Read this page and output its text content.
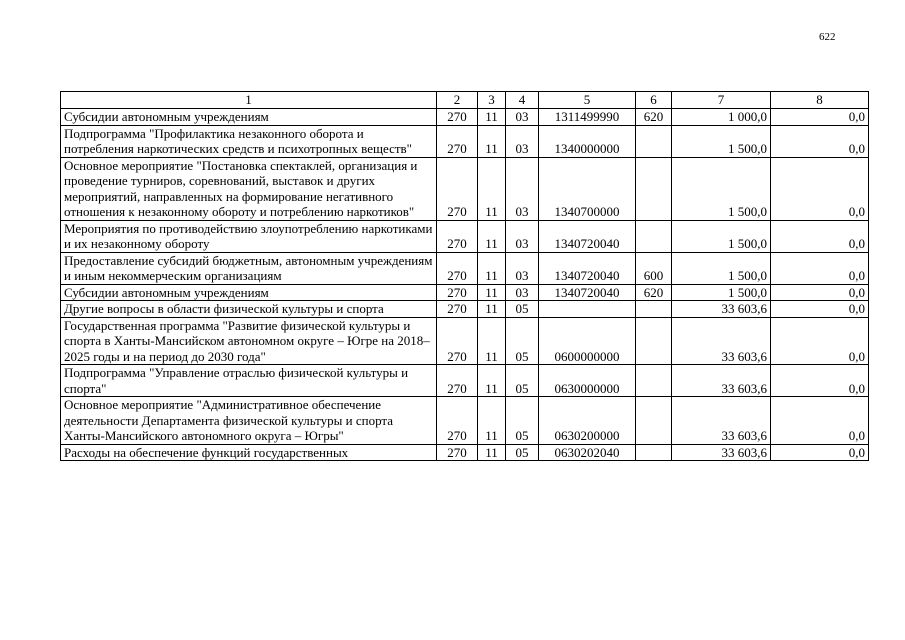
622
1	2	3	4	5	6	7	8
Субсидии автономным учреждениям	270	11	03	1311499990	620	1 000,0	0,0
Подпрограмма "Профилактика незаконного оборота и потребления наркотических средств и психотропных веществ"	270	11	03	1340000000		1 500,0	0,0
Основное мероприятие "Постановка спектаклей, организация и проведение турниров, соревнований, выставок и других мероприятий, направленных на формирование негативного отношения к незаконному обороту и потреблению наркотиков"	270	11	03	1340700000		1 500,0	0,0
Мероприятия по противодействию злоупотреблению наркотиками и их незаконному обороту	270	11	03	1340720040		1 500,0	0,0
Предоставление субсидий бюджетным, автономным учреждениям и иным некоммерческим организациям	270	11	03	1340720040	600	1 500,0	0,0
Субсидии автономным учреждениям	270	11	03	1340720040	620	1 500,0	0,0
Другие вопросы в области физической культуры и спорта	270	11	05			33 603,6	0,0
Государственная программа "Развитие физической культуры и спорта в Ханты-Мансийском автономном округе – Югре на 2018–2025 годы и на период до 2030 года"	270	11	05	0600000000		33 603,6	0,0
Подпрограмма "Управление отраслью физической культуры и спорта"	270	11	05	0630000000		33 603,6	0,0
Основное мероприятие "Административное обеспечение деятельности Департамента физической культуры и спорта Ханты-Мансийского автономного округа – Югры"	270	11	05	0630200000		33 603,6	0,0
Расходы на обеспечение функций государственных	270	11	05	0630202040		33 603,6	0,0
